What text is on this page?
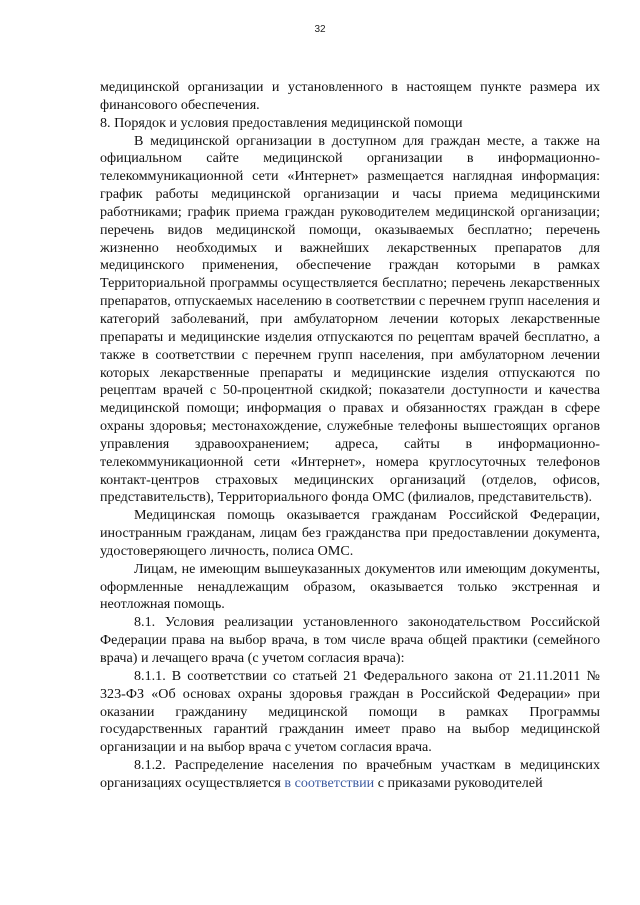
32

медицинской организации и установленного в настоящем пункте размера их финансового обеспечения.

8. Порядок и условия предоставления медицинской помощи

В медицинской организации в доступном для граждан месте, а также на официальном сайте медицинской организации в информационно-телекоммуникационной сети «Интернет» размещается наглядная информация: график работы медицинской организации и часы приема медицинскими работниками; график приема граждан руководителем медицинской организации; перечень видов медицинской помощи, оказываемых бесплатно; перечень жизненно необходимых и важнейших лекарственных препаратов для медицинского применения, обеспечение граждан которыми в рамках Территориальной программы осуществляется бесплатно; перечень лекарственных препаратов, отпускаемых населению в соответствии с перечнем групп населения и категорий заболеваний, при амбулаторном лечении которых лекарственные препараты и медицинские изделия отпускаются по рецептам врачей бесплатно, а также в соответствии с перечнем групп населения, при амбулаторном лечении которых лекарственные препараты и медицинские изделия отпускаются по рецептам врачей с 50-процентной скидкой; показатели доступности и качества медицинской помощи; информация о правах и обязанностях граждан в сфере охраны здоровья; местонахождение, служебные телефоны вышестоящих органов управления здравоохранением; адреса, сайты в информационно-телекоммуникационной сети «Интернет», номера круглосуточных телефонов контакт-центров страховых медицинских организаций (отделов, офисов, представительств), Территориального фонда ОМС (филиалов, представительств).

Медицинская помощь оказывается гражданам Российской Федерации, иностранным гражданам, лицам без гражданства при предоставлении документа, удостоверяющего личность, полиса ОМС.

Лицам, не имеющим вышеуказанных документов или имеющим документы, оформленные ненадлежащим образом, оказывается только экстренная и неотложная помощь.

8.1. Условия реализации установленного законодательством Российской Федерации права на выбор врача, в том числе врача общей практики (семейного врача) и лечащего врача (с учетом согласия врача):

8.1.1. В соответствии со статьей 21 Федерального закона от 21.11.2011 № 323-ФЗ «Об основах охраны здоровья граждан в Российской Федерации» при оказании гражданину медицинской помощи в рамках Программы государственных гарантий гражданин имеет право на выбор медицинской организации и на выбор врача с учетом согласия врача.

8.1.2. Распределение населения по врачебным участкам в медицинских организациях осуществляется в соответствии с приказами руководителей
